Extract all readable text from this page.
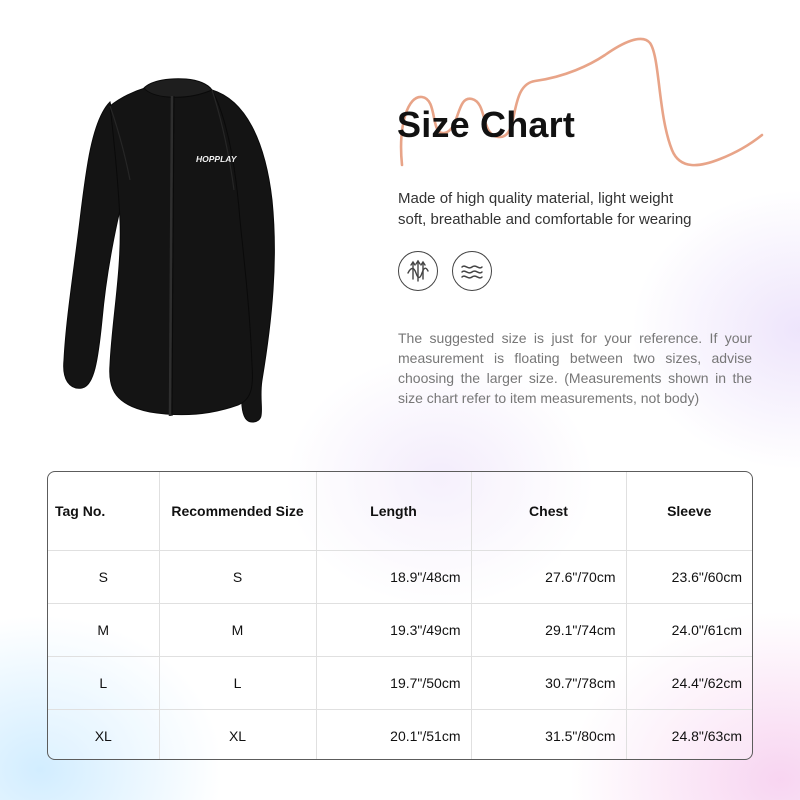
HOPPLAY
Size Chart
Made of high quality material, light weight
soft, breathable and comfortable for wearing
The suggested size is just for your reference. If your measurement is floating between two sizes, advise choosing the larger size. (Measurements shown in the size chart refer to item measurements, not body)
Tag No.	Recommended Size	Length	Chest	Sleeve
S	S	18.9"/48cm	27.6"/70cm	23.6"/60cm
M	M	19.3"/49cm	29.1"/74cm	24.0"/61cm
L	L	19.7"/50cm	30.7"/78cm	24.4"/62cm
XL	XL	20.1"/51cm	31.5"/80cm	24.8"/63cm
